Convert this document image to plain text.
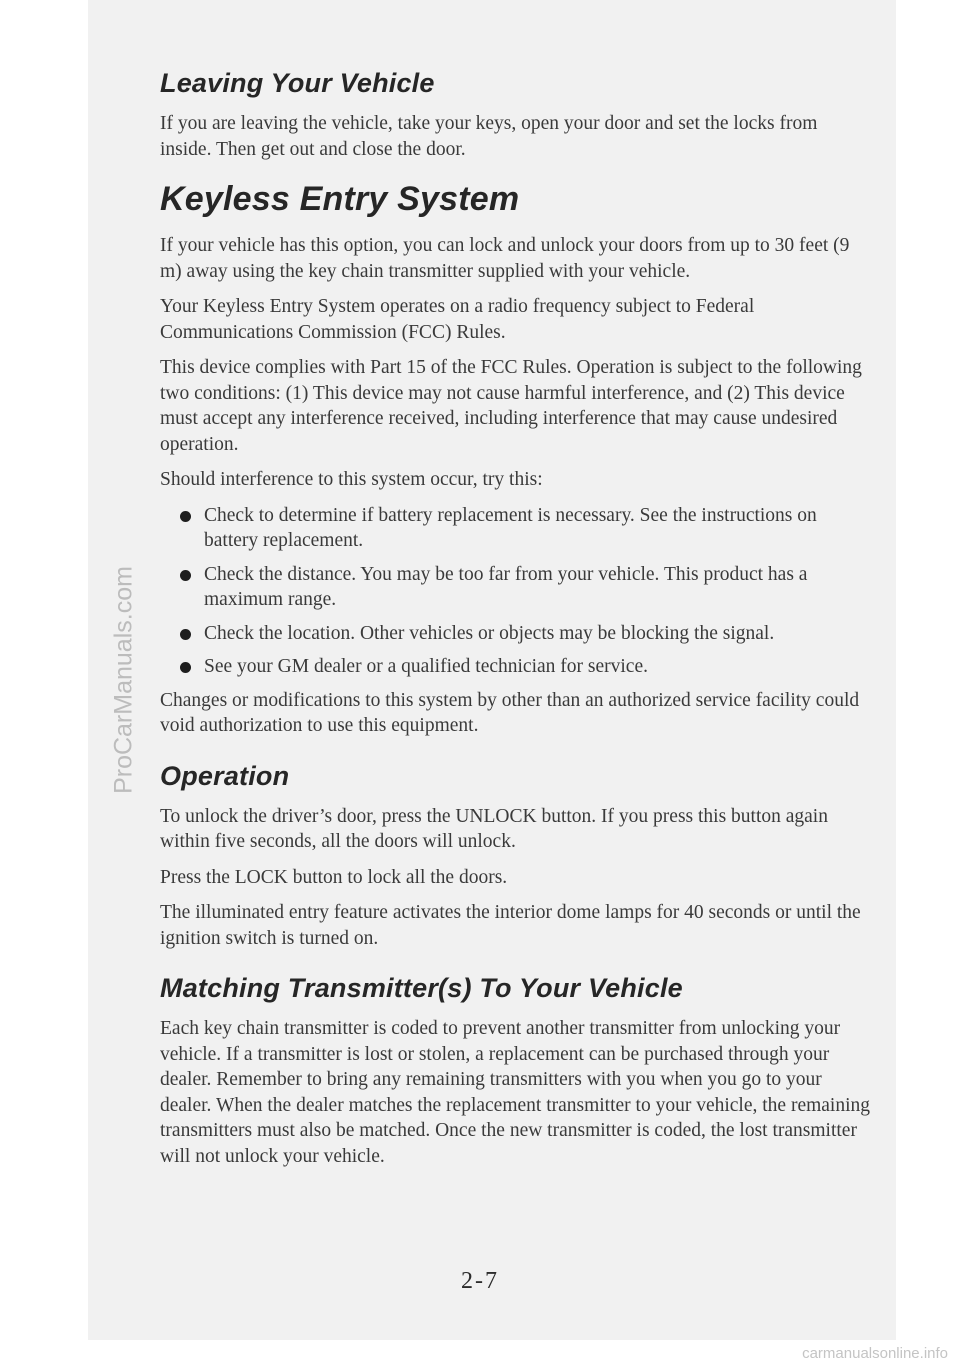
ProCarManuals.com
Leaving Your Vehicle

If you are leaving the vehicle, take your keys, open your door and set the locks from inside. Then get out and close the door.

Keyless Entry System

If your vehicle has this option, you can lock and unlock your doors from up to 30 feet (9 m) away using the key chain transmitter supplied with your vehicle.

Your Keyless Entry System operates on a radio frequency subject to Federal Communications Commission (FCC) Rules.

This device complies with Part 15 of the FCC Rules. Operation is subject to the following two conditions: (1) This device may not cause harmful interference, and (2) This device must accept any interference received, including interference that may cause undesired operation.

Should interference to this system occur, try this:

Check to determine if battery replacement is necessary. See the instructions on battery replacement.
Check the distance. You may be too far from your vehicle. This product has a maximum range.
Check the location. Other vehicles or objects may be blocking the signal.
See your GM dealer or a qualified technician for service.

Changes or modifications to this system by other than an authorized service facility could void authorization to use this equipment.

Operation

To unlock the driver’s door, press the UNLOCK button. If you press this button again within five seconds, all the doors will unlock.

Press the LOCK button to lock all the doors.

The illuminated entry feature activates the interior dome lamps for 40 seconds or until the ignition switch is turned on.

Matching Transmitter(s) To Your Vehicle

Each key chain transmitter is coded to prevent another transmitter from unlocking your vehicle. If a transmitter is lost or stolen, a replacement can be purchased through your dealer. Remember to bring any remaining transmitters with you when you go to your dealer. When the dealer matches the replacement transmitter to your vehicle, the remaining transmitters must also be matched. Once the new transmitter is coded, the lost transmitter will not unlock your vehicle.

2-7
carmanualsonline.info
